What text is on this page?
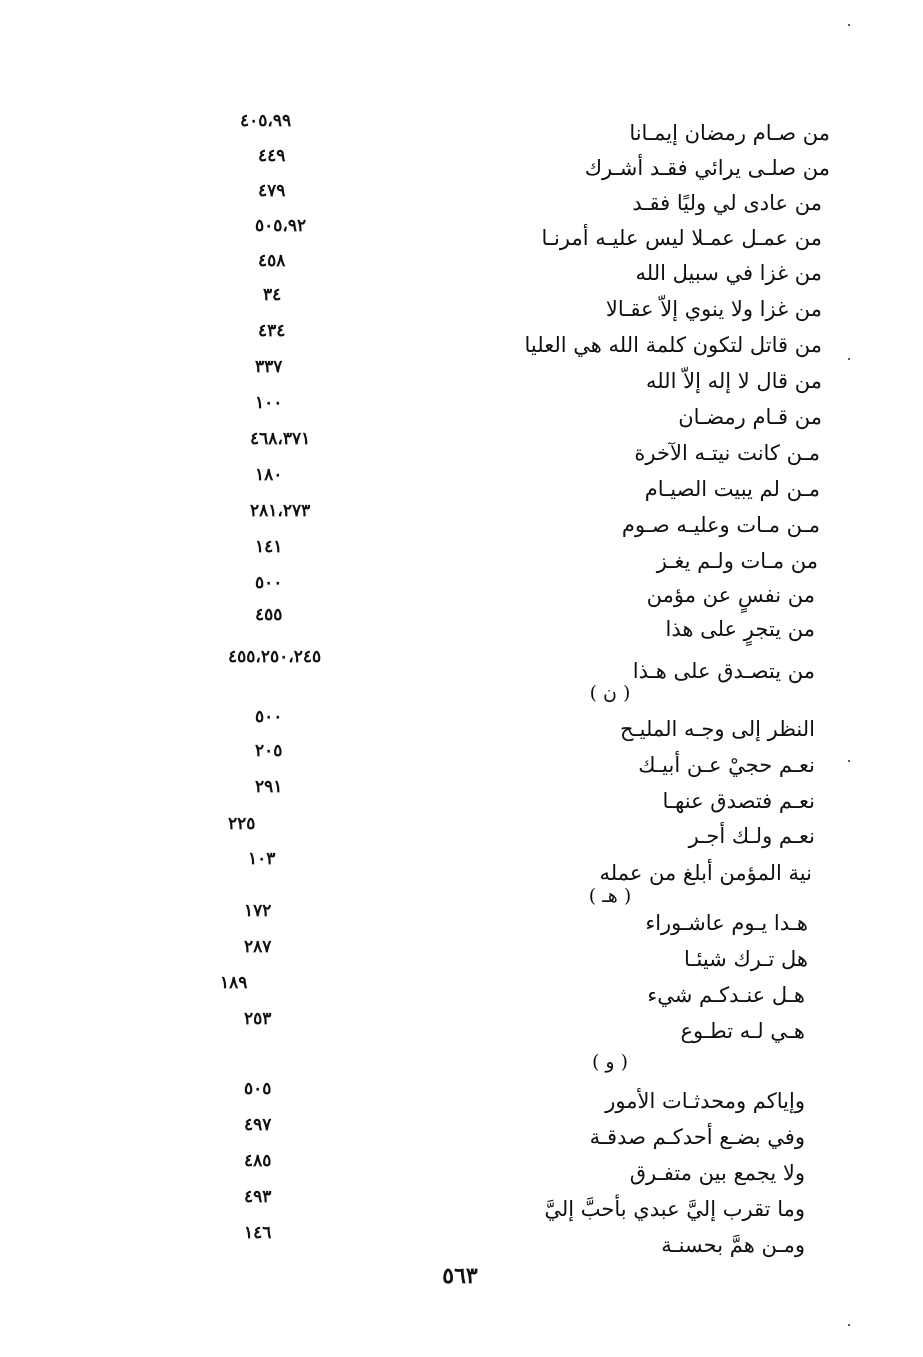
من صـام رمضان إيمـانا
٤٠٥،٩٩
من صلـى يرائي فقـد أشـرك
٤٤٩
من عادى لي وليًا فقـد
٤٧٩
من عمـل عمـلا ليس عليـه أمرنـا
٥٠٥،٩٢
من غزا في سبيل الله
٤٥٨
من غزا ولا ينوي إلاّ عقـالا
٣٤
من قاتل لتكون كلمة الله هي العليا
٤٣٤
من قال لا إله إلاّ الله
٣٣٧
من قـام رمضـان
١٠٠
مـن كانت نيتـه الآخرة
٤٦٨،٣٧١
مـن لم يبيت الصيـام
١٨٠
مـن مـات وعليـه صـوم
٢٨١،٢٧٣
من مـات ولـم يغـز
١٤١
من نفسٍ عن مؤمن
٥٠٠
من يتجرٍ على هذا
٤٥٥
من يتصـدق على هـذا
٤٥٥،٢٥٠،٢٤٥
( ن )
النظر إلى وجـه المليـح
٥٠٠
نعـم حجيْ عـن أبيـك
٢٠٥
نعـم فتصدق عنهـا
٢٩١
نعـم ولـك أجـر
٢٢٥
نية المؤمن أبلغ من عمله
١٠٣
( هـ )
هـدا يـوم عاشـوراء
١٧٢
هل تـرك شيئـا
٢٨٧
هـل عنـدكـم شيء
١٨٩
هـي لـه تطـوع
٢٥٣
( و )
وإياكم ومحدثـات الأمور
٥٠٥
وفي بضـع أحدكـم صدقـة
٤٩٧
ولا يجمع بين متفـرق
٤٨٥
وما تقرب إليَّ عبدي بأحبَّ إليَّ
٤٩٣
ومـن همَّ بحسنـة
١٤٦
٥٦٣
